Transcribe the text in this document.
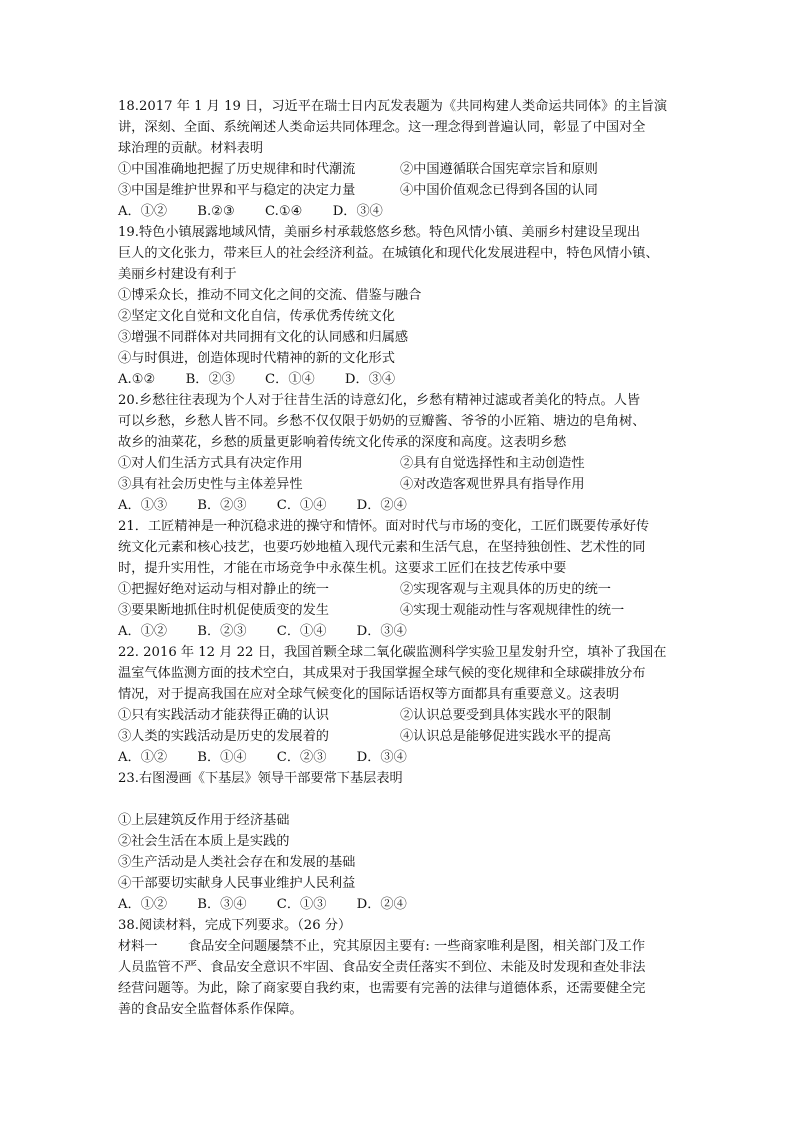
18.2017 年 1 月 19 日，习近平在瑞士日内瓦发表题为《共同构建人类命运共同体》的主旨演

讲，深刻、全面、系统阐述人类命运共同体理念。这一理念得到普遍认同，彰显了中国对全

球治理的贡献。材料表明

①中国准确地把握了历史规律和时代潮流	②中国遵循联合国宪章宗旨和原则
③中国是维护世界和平与稳定的决定力量	④中国价值观念已得到各国的认同
A．①② B.②③ C.①④ D．③④

19.特色小镇展露地域风情，美丽乡村承载悠悠乡愁。特色风情小镇、美丽乡村建设呈现出

巨人的文化张力，带来巨人的社会经济利益。在城镇化和现代化发展进程中，特色风情小镇、

美丽乡村建设有利于

①博采众长，推动不同文化之间的交流、借鉴与融合

②坚定文化自觉和文化自信，传承优秀传统文化

③增强不同群体对共同拥有文化的认同感和归属感

④与时俱进，创造体现时代精神的新的文化形式

A.①② B．②③ C．①④ D．③④

20.乡愁往往表现为个人对于往昔生活的诗意幻化，乡愁有精神过滤或者美化的特点。人皆

可以乡愁，乡愁人皆不同。乡愁不仅仅限于奶奶的豆瓣酱、爷爷的小匠箱、塘边的皂角树、

故乡的油菜花，乡愁的质量更影响着传统文化传承的深度和高度。这表明乡愁

①对人们生活方式具有决定作用	②具有自觉选择性和主动创造性
③具有社会历史性与主体差异性	④对改造客观世界具有指导作用
A．①③ B．②③ C．①④ D．②④

21．工匠精神是一种沉稳求进的操守和情怀。面对时代与市场的变化，工匠们既要传承好传

统文化元素和核心技艺，也要巧妙地植入现代元素和生活气息，在坚持独创性、艺术性的同

时，提升实用性，才能在市场竞争中永葆生机。这要求工匠们在技艺传承中要

①把握好绝对运动与相对静止的统一	②实现客观与主观具体的历史的统一
③要果断地抓住时机促使质变的发生	④实现士观能动性与客观规律性的统一
A．①② B．②③ C．①④ D．③④

22. 2016 年 12 月 22 日，我国首颗全球二氧化碳监测科学实验卫星发射升空，填补了我国在

温室气体监测方面的技术空白，其成果对于我国掌握全球气候的变化规律和全球碳排放分布

情况，对于提高我国在应对全球气候变化的国际话语权等方面都具有重要意义。这表明

①只有实践活动才能获得正确的认识	②认识总要受到具体实践水平的限制
③人类的实践活动是历史的发展着的	④认识总是能够促进实践水平的提高
A．①② B．①④ C．②③ D．③④

23.右图漫画《下基层》领导干部要常下基层表明

①上层建筑反作用于经济基础

②社会生活在本质上是实践的

③生产活动是人类社会存在和发展的基础

④干部要切实献身人民事业维护人民利益

A．①② B．③④ C．①③ D．②④

38.阅读材料，完成下列要求。（26 分）

材料一 食品安全问题屡禁不止，究其原因主要有: 一些商家唯利是图，相关部门及工作

人员监管不严、食品安全意识不牢固、食品安全责任落实不到位、未能及时发现和查处非法

经营问题等。为此，除了商家要自我约束，也需要有完善的法律与道德体系，还需要健全完

善的食品安全监督体系作保障。
